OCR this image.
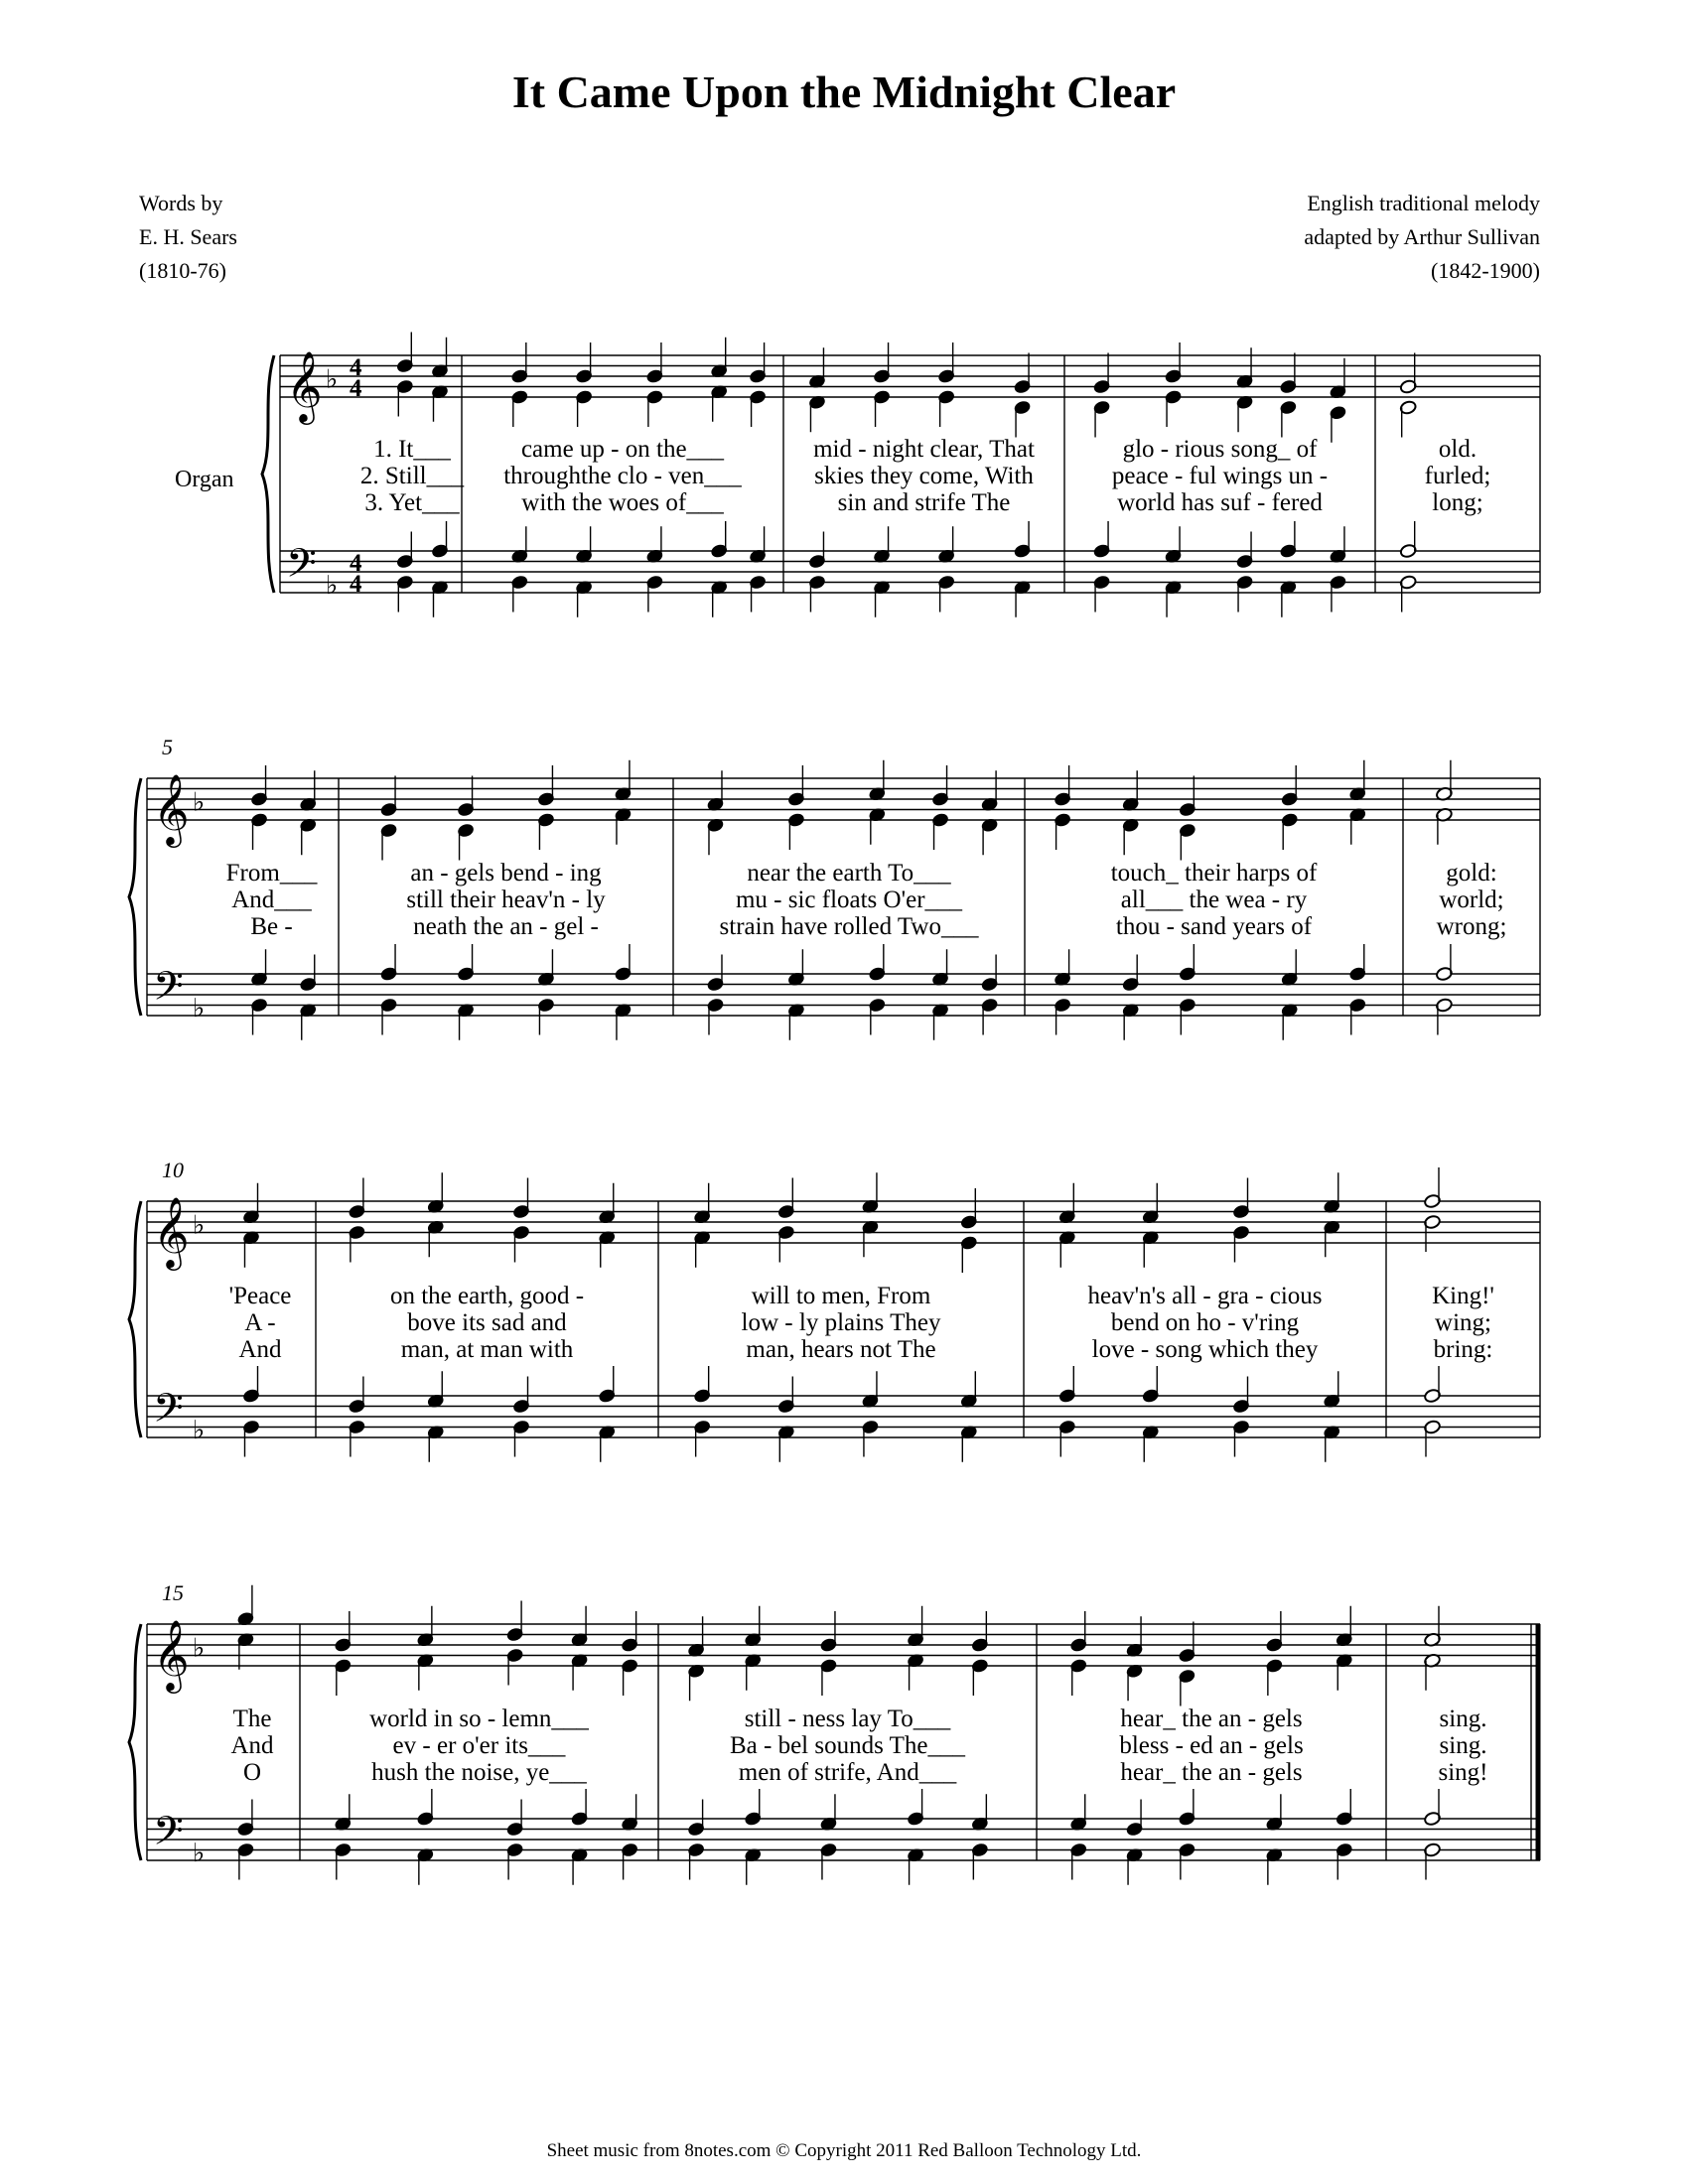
𝄞
𝄢
♭
♭
4
4
4
4
1. It___
2. Still___
3. Yet___
came up - on the___
throughthe clo - ven___
with the woes of___
mid - night clear, That
skies they come, With
sin and strife The
glo - rious song_ of
peace - ful wings un -
world has suf - fered
old.
furled;
long;
𝄞
𝄢
♭
♭
From___
And___
Be -
an - gels bend - ing
still their heav'n - ly
neath the an - gel -
near the earth To___
mu - sic floats O'er___
strain have rolled Two___
touch_ their harps of
all___ the wea - ry
thou - sand years of
gold:
world;
wrong;
𝄞
𝄢
♭
♭
'Peace
A -
And
on the earth, good -
bove its sad and
man, at man with
will to men, From
low - ly plains They
man, hears not The
heav'n's all - gra - cious
bend on ho - v'ring
love - song which they
King!'
wing;
bring:
𝄞
𝄢
♭
♭
The
And
O
world in so - lemn___
ev - er o'er its___
hush the noise, ye___
still - ness lay To___
Ba - bel sounds The___
men of strife, And___
hear_ the an - gels
bless - ed an - gels
hear_ the an - gels
sing.
sing.
sing!
It Came Upon the Midnight Clear
Words by
E. H. Sears
(1810-76)
English traditional melody
adapted by Arthur Sullivan
(1842-1900)
Organ
5
10
15
Sheet music from 8notes.com © Copyright 2011 Red Balloon Technology Ltd.
